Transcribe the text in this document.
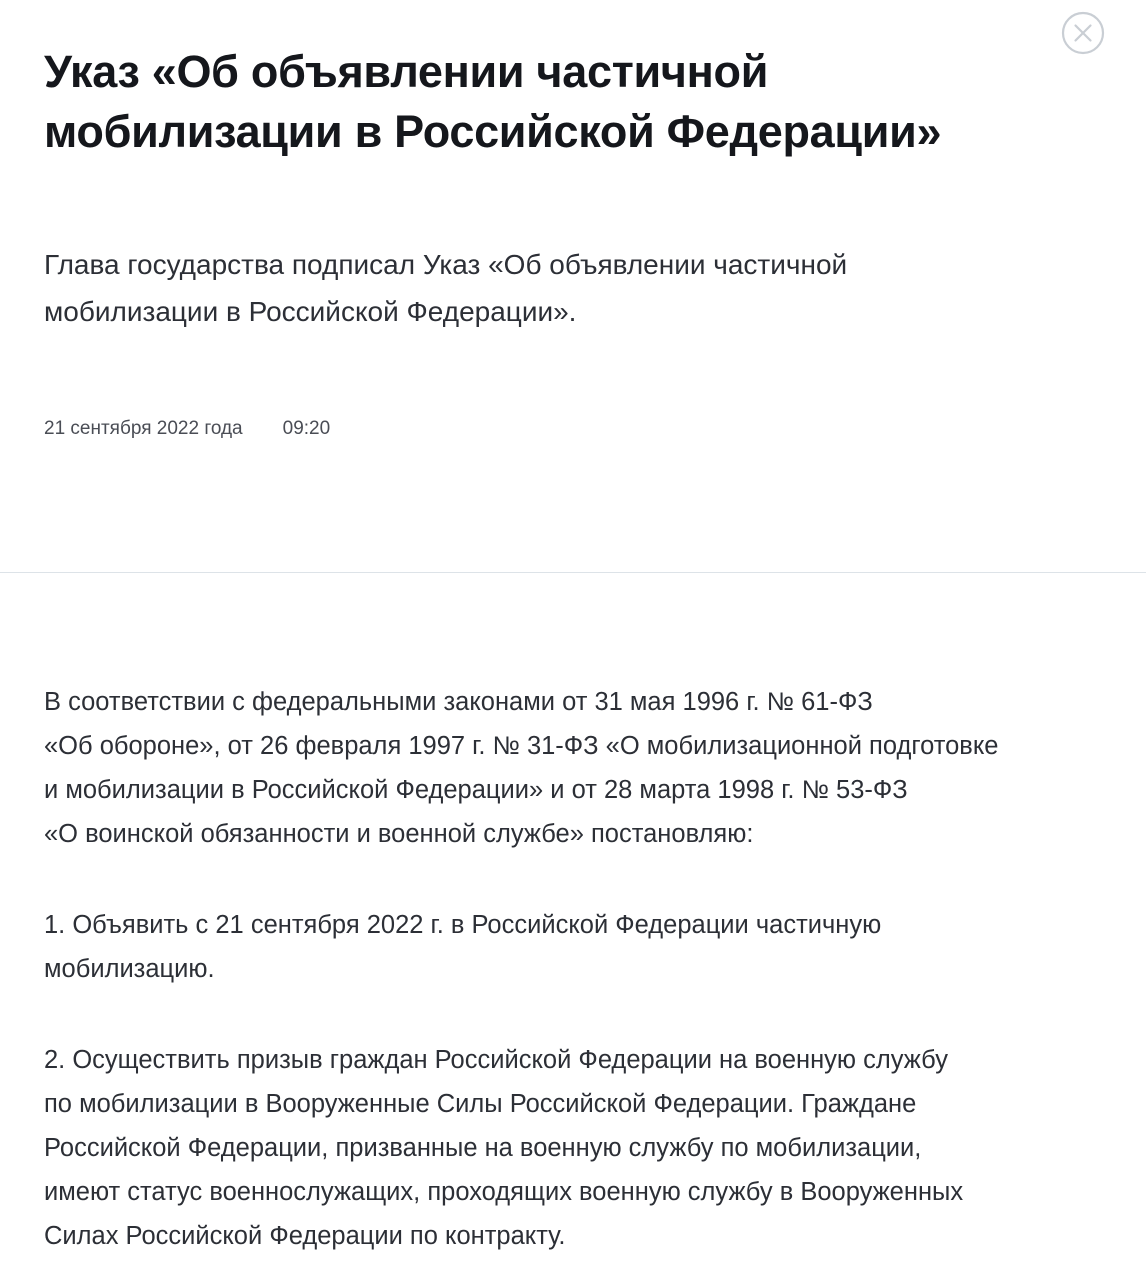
Указ «Об объявлении частичной
мобилизации в Российской Федерации»

Глава государства подписал Указ «Об объявлении частичной
мобилизации в Российской Федерации».

21 сентября 2022 года 09:20

В соответствии с федеральными законами от 31 мая 1996 г. № 61-ФЗ
«Об обороне», от 26 февраля 1997 г. № 31-ФЗ «О мобилизационной подготовке
и мобилизации в Российской Федерации» и от 28 марта 1998 г. № 53-ФЗ
«О воинской обязанности и военной службе» постановляю:

1. Объявить с 21 сентября 2022 г. в Российской Федерации частичную
мобилизацию.

2. Осуществить призыв граждан Российской Федерации на военную службу
по мобилизации в Вооруженные Силы Российской Федерации. Граждане
Российской Федерации, призванные на военную службу по мобилизации,
имеют статус военнослужащих, проходящих военную службу в Вооруженных
Силах Российской Федерации по контракту.
